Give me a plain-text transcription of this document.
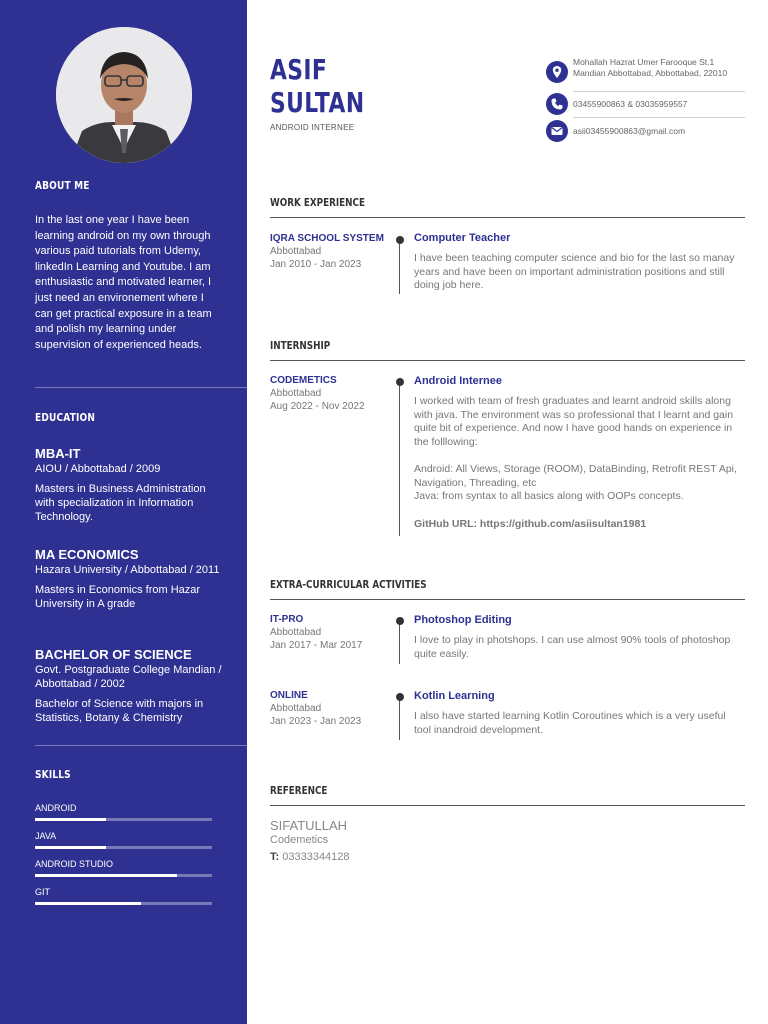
ABOUT ME
In the last one year I have been learning android on my own through various paid tutorials from Udemy, linkedIn Learning and Youtube. I am enthusiastic and motivated learner, I just need an environement where I can get practical exposure in a team and polish my learning under supervision of experienced heads.
EDUCATION
MBA-IT
AIOU / Abbottabad / 2009
Masters in Business Administration with specialization in Information Technology.
MA ECONOMICS
Hazara University / Abbottabad / 2011
Masters in Economics from Hazar University in A grade
BACHELOR OF SCIENCE
Govt. Postgraduate College Mandian / Abbottabad / 2002
Bachelor of Science with majors in Statistics, Botany & Chemistry
SKILLS
ANDROID
JAVA
ANDROID STUDIO
GIT
ASIF
SULTAN
ANDROID INTERNEE
Mohallah Hazrat Umer Farooque St.1 Mandian Abbottabad, Abbottabad, 22010
03455900863 & 03035959557
asii03455900863@gmail.com
WORK EXPERIENCE
IQRA SCHOOL SYSTEM
Abbottabad
Jan 2010 - Jan 2023
Computer Teacher
I have been teaching computer science and bio for the last so manay years and have been on important administration positions and still doing job here.
INTERNSHIP
CODEMETICS
Abbottabad
Aug 2022 - Nov 2022
Android Internee
I worked with team of fresh graduates and learnt android skills along with java. The environment was so professional that I learnt and gain quite bit of experience. And now I have good hands on experience in the folllowing:
Android: All Views, Storage (ROOM), DataBinding, Retrofit REST Api, Navigation, Threading, etc
Java: from syntax to all basics along with OOPs concepts.
GitHub URL: https://github.com/asiisultan1981
EXTRA-CURRICULAR ACTIVITIES
IT-PRO
Abbottabad
Jan 2017 - Mar 2017
Photoshop Editing
I love to play in photshops. I can use almost 90% tools of photoshop quite easily.
ONLINE
Abbottabad
Jan 2023 - Jan 2023
Kotlin Learning
I also have started learning Kotlin Coroutines which is a very useful tool inandroid development.
REFERENCE
SIFATULLAH
Codemetics
T: 03333344128
